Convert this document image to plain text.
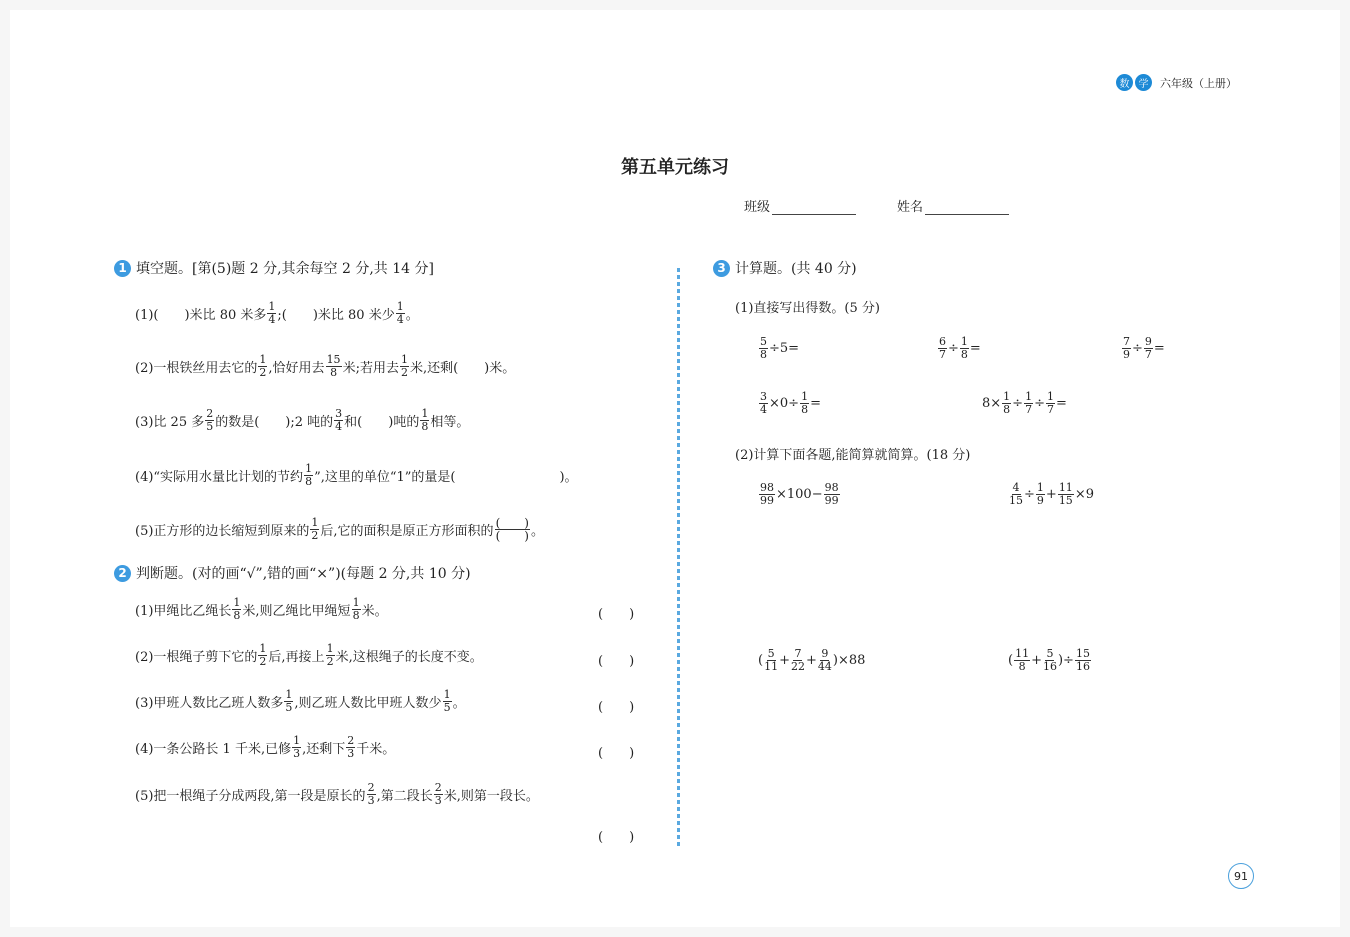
数 学	六年级（上册）
第五单元练习
班级	姓名
1 填空题。[第(5)题 2 分,其余每空 2 分,共 14 分]
(1)(　　)米比 80 米多 $\frac{1}{4}$ ;(　　)米比 80 米少 $\frac{1}{4}$ 。
(2)一根铁丝用去它的 $\frac{1}{2}$ ,恰好用去 $\frac{15}{8}$ 米;若用去 $\frac{1}{2}$ 米,还剩(　　)米。
(3)比 25 多 $\frac{2}{5}$ 的数是(　　);2 吨的 $\frac{3}{4}$ 和(　　)吨的 $\frac{1}{8}$ 相等。
(4)“实际用水量比计划的节约 $\frac{1}{8}$ ”,这里的单位“1”的量是(　　　　　　　　)。
(5)正方形的边长缩短到原来的 $\frac{1}{2}$ 后,它的面积是原正方形面积的 $\frac{( )}{( )}$ 。
2 判断题。(对的画“√”,错的画“×”)(每题 2 分,共 10 分)
(1)甲绳比乙绳长 $\frac{1}{8}$ 米,则乙绳比甲绳短 $\frac{1}{8}$ 米。	(　　)
(2)一根绳子剪下它的 $\frac{1}{2}$ 后,再接上 $\frac{1}{2}$ 米,这根绳子的长度不变。	(　　)
(3)甲班人数比乙班人数多 $\frac{1}{5}$ ,则乙班人数比甲班人数少 $\frac{1}{5}$ 。	(　　)
(4)一条公路长 1 千米,已修 $\frac{1}{3}$ ,还剩下 $\frac{2}{3}$ 千米。	(　　)
(5)把一根绳子分成两段,第一段是原长的 $\frac{2}{3}$ ,第二段长 $\frac{2}{3}$ 米,则第一段长。
(　　)
3 计算题。(共 40 分)
(1)直接写出得数。(5 分)
$\frac{5}{8} \div 5=$	$\frac{6}{7} \div \frac{1}{8}$ =	$\frac{7}{9} \div \frac{9}{7}$ =
$\frac{3}{4} \times 0\div \frac{1}{8}$ =	$8\times \frac{1}{8} \div \frac{1}{7} \div \frac{1}{7}$ =
(2)计算下面各题,能简算就简算。(18 分)
$\frac{98}{99} \times 100- \frac{98}{99}$	$\frac{4}{15} \div \frac{1}{9} + \frac{11}{15} \times 9$
( $\frac{5}{11} + \frac{7}{22} + \frac{9}{44} )\times 88$	( $\frac{11}{8} + \frac{5}{16}$ )÷ $\frac{15}{16}$
91
